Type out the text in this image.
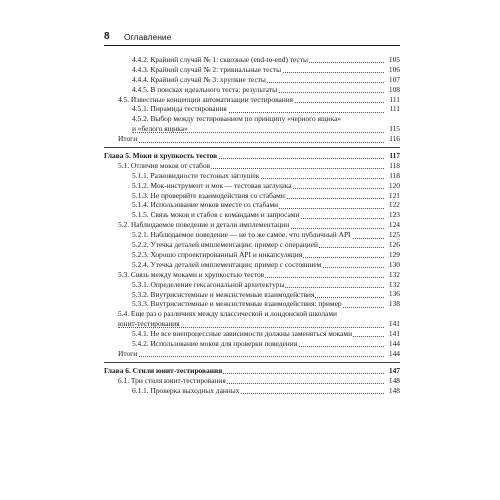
8 Оглавление
4.4.2. Крайний случай № 1: сквозные (end-to-end) тесты	105
4.4.3. Крайний случай № 2: тривиальные тесты	106
4.4.4. Крайний случай № 3: хрупкие тесты	107
4.4.5. В поисках идеального теста: результаты	108
4.5. Известные концепции автоматизации тестирования	111
4.5.1. Пирамида тестирования	111
4.5.2. Выбор между тестированием по принципу «черного ящика»
и «белого ящика»	115
Итоги	116
Глава 5. Моки и хрупкость тестов	117
5.1. Отличия моков от стабов	118
5.1.1. Разновидности тестовых заглушек	118
5.1.2. Мок-инструмент и мок — тестовая заглушка	120
5.1.3. Не проверяйте взаимодействия со стабами	121
5.1.4. Использование моков вместе со стабами	122
5.1.5. Связь моков и стабов с командами и запросами	123
5.2. Наблюдаемое поведение и детали имплементации	124
5.2.1. Наблюдаемое поведение — не то же самое, что публичный API	125
5.2.2. Утечка деталей имплементации: пример с операцией	126
5.2.3. Хорошо спроектированный API и инкапсуляция	129
5.2.4. Утечка деталей имплементации: пример с состоянием	130
5.3. Связь между моками и хрупкостью тестов	132
5.3.1. Определение гексагональной архитектуры	132
5.3.2. Внутрисистемные и межсистемные взаимодействия	136
5.3.3. Внутрисистемные и межсистемные взаимодействия: пример	138
5.4. Еще раз о различиях между классической и лондонской школами
юнит-тестирования	141
5.4.1. Не все внепроцессные зависимости должны заменяться моками	141
5.4.2. Использование моков для проверки поведения	144
Итоги	144
Глава 6. Стили юнит-тестирования	147
6.1. Три стиля юнит-тестирования	148
6.1.1. Проверка выходных данных	148
